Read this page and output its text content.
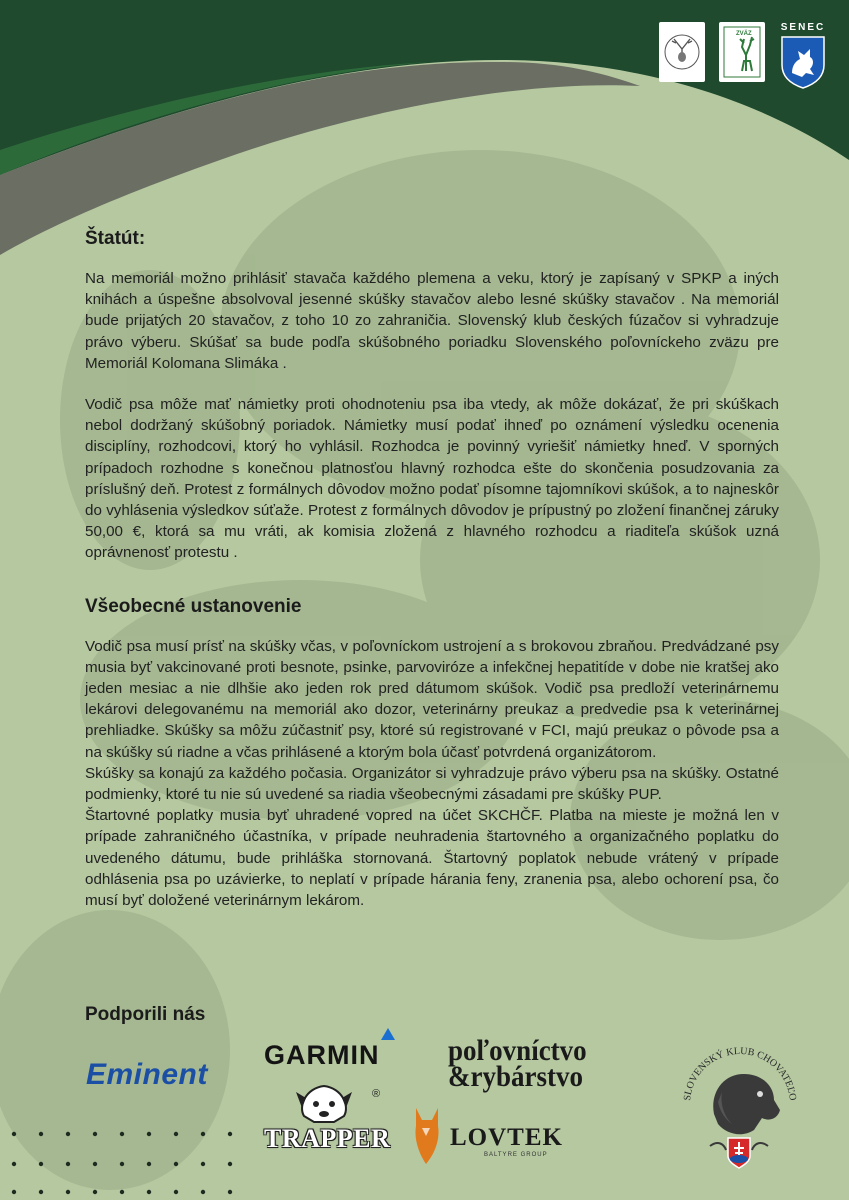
ZVÄZ
SENEC
Štatút:

Na memoriál možno prihlásiť stavača každého plemena a veku, ktorý je zapísaný v SPKP a iných knihách a úspešne absolvoval jesenné skúšky stavačov alebo lesné skúšky stavačov . Na memoriál bude prijatých 20 stavačov, z toho 10 zo zahraničia. Slovenský klub českých fúzačov si vyhradzuje právo výberu. Skúšať sa bude podľa skúšobného poriadku Slovenského poľovníckeho zväzu pre Memoriál Kolomana Slimáka .

Vodič psa môže mať námietky proti ohodnoteniu psa iba vtedy, ak môže dokázať, že pri skúškach nebol dodržaný skúšobný poriadok. Námietky musí podať ihneď po oznámení výsledku ocenenia disciplíny, rozhodcovi, ktorý ho vyhlásil. Rozhodca je povinný vyriešiť námietky hneď. V sporných prípadoch rozhodne s konečnou platnosťou hlavný rozhodca ešte do skončenia posudzovania za príslušný deň. Protest z formálnych dôvodov možno podať písomne tajomníkovi skúšok, a to najneskôr do vyhlásenia výsledkov súťaže. Protest z formálnych dôvodov je prípustný po zložení finančnej záruky 50,00 €, ktorá sa mu vráti, ak komisia zložená z hlavného rozhodcu a riaditeľa skúšok uzná oprávnenosť protestu .

Všeobecné ustanovenie

Vodič psa musí prísť na skúšky včas, v poľovníckom ustrojení a s brokovou zbraňou. Predvádzané psy musia byť vakcinované proti besnote, psinke, parvoviróze a infekčnej hepatitíde v dobe nie kratšej ako jeden mesiac a nie dlhšie ako jeden rok pred dátumom skúšok. Vodič psa predloží veterinárnemu lekárovi delegovanému na memoriál ako dozor, veterinárny preukaz a predvedie psa k veterinárnej prehliadke. Skúšky sa môžu zúčastniť psy, ktoré sú registrované v FCI, majú preukaz o pôvode psa a na skúšky sú riadne a včas prihlásené a ktorým bola účasť potvrdená organizátorom.

Skúšky sa konajú za každého počasia. Organizátor si vyhradzuje právo výberu psa na skúšky. Ostatné podmienky, ktoré tu nie sú uvedené sa riadia všeobecnými zásadami pre skúšky PUP.

Štartovné poplatky musia byť uhradené vopred na účet SKCHČF. Platba na mieste je možná len v prípade zahraničného účastníka, v prípade neuhradenia štartovného a organizačného poplatku do uvedeného dátumu, bude prihláška stornovaná. Štartovný poplatok nebude vrátený v prípade odhlásenia psa po uzávierke, to neplatí v prípade hárania feny, zranenia psa, alebo ochorení psa, čo musí byť doložené veterinárnym lekárom.

Podporili nás
Eminent
GARMIN poľovníctvo
&rybárstvo
®
TRAPPER LOVTEK
BALTYRE GROUP
SLOVENSKÝ KLUB CHOVATEĽO
